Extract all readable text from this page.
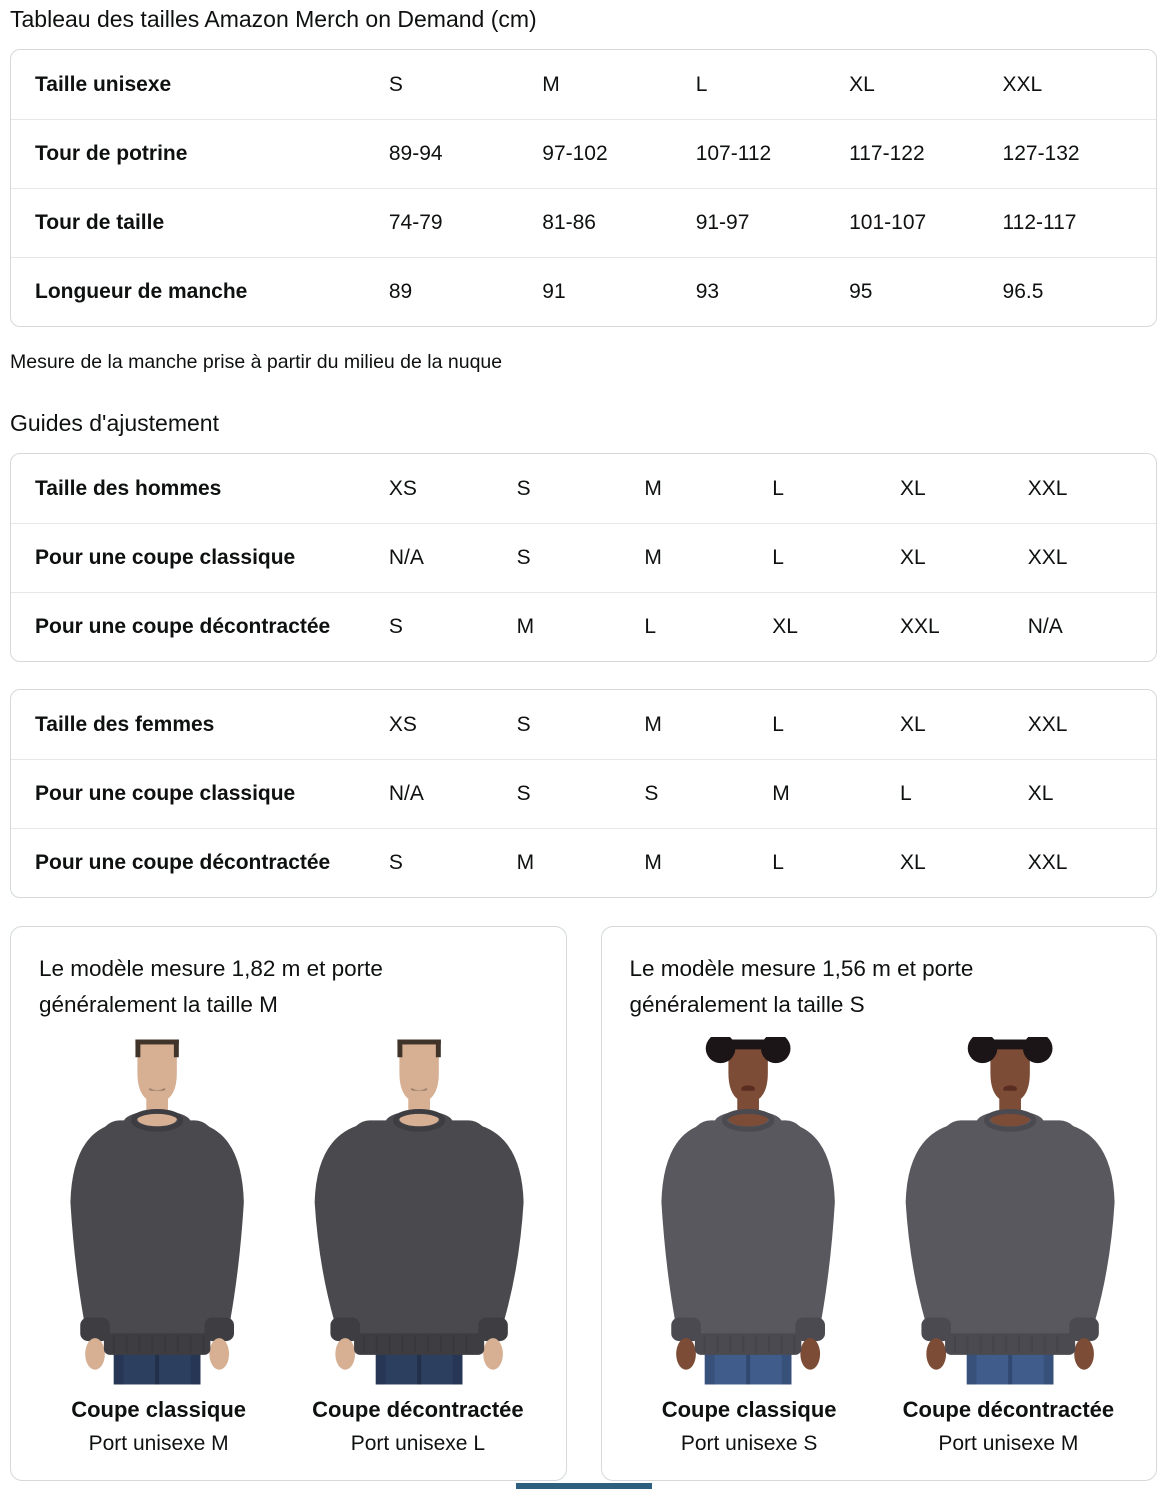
Tableau des tailles Amazon Merch on Demand (cm)
Taille unisexe	S	M	L	XL	XXL
Tour de potrine	89-94	97-102	107-112	117-122	127-132
Tour de taille	74-79	81-86	91-97	101-107	112-117
Longueur de manche	89	91	93	95	96.5

Mesure de la manche prise à partir du milieu de la nuque

Guides d'ajustement
Taille des hommes	XS	S	M	L	XL	XXL
Pour une coupe classique	N/A	S	M	L	XL	XXL
Pour une coupe décontractée	S	M	L	XL	XXL	N/A
Taille des femmes	XS	S	M	L	XL	XXL
Pour une coupe classique	N/A	S	S	M	L	XL
Pour une coupe décontractée	S	M	M	L	XL	XXL

Le modèle mesure 1,82 m et porte généralement la taille M

Coupe classique
Port unisexe M
Coupe décontractée
Port unisexe L

Le modèle mesure 1,56 m et porte généralement la taille S

Coupe classique
Port unisexe S
Coupe décontractée
Port unisexe M
